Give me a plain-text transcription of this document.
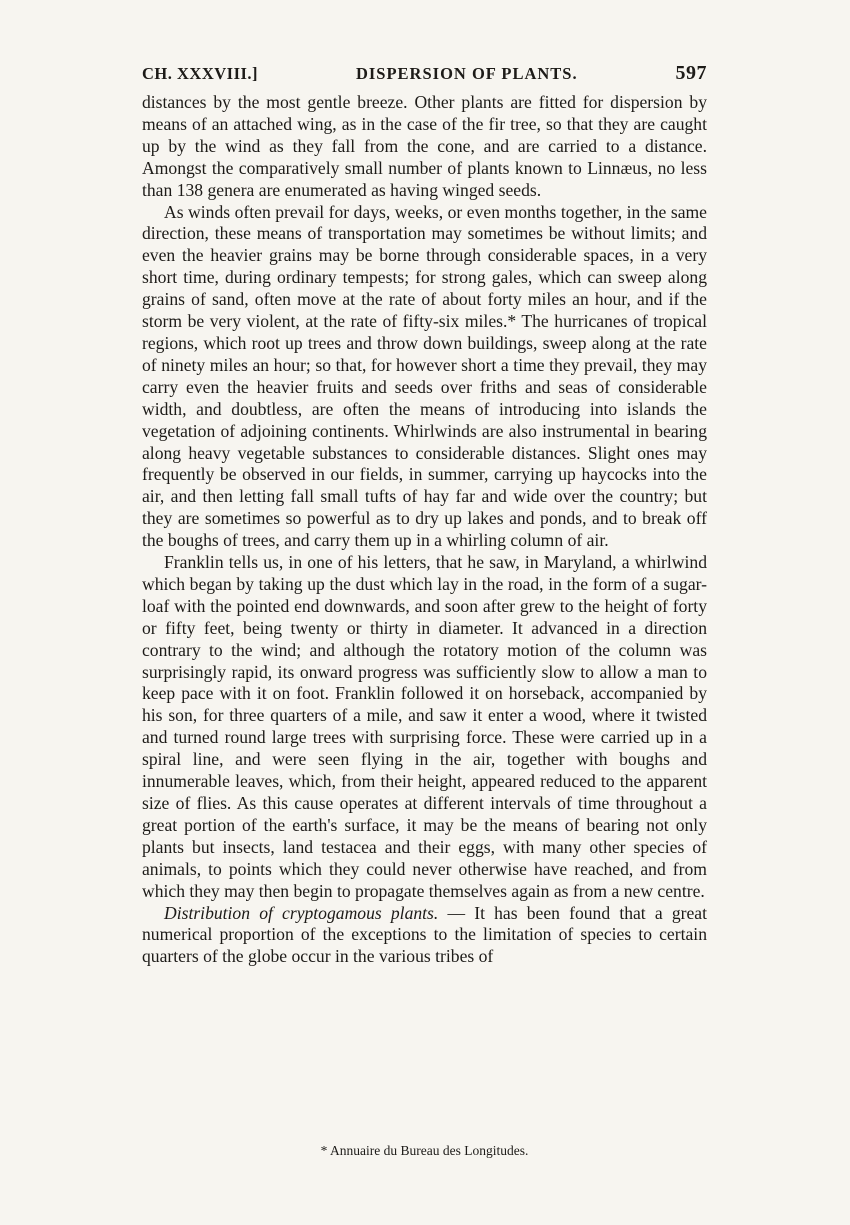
CH. XXXVIII.]	DISPERSION OF PLANTS.	597

distances by the most gentle breeze. Other plants are fitted for dispersion by means of an attached wing, as in the case of the fir tree, so that they are caught up by the wind as they fall from the cone, and are carried to a distance. Amongst the comparatively small number of plants known to Linnæus, no less than 138 genera are enumerated as having winged seeds.

As winds often prevail for days, weeks, or even months together, in the same direction, these means of transportation may sometimes be without limits; and even the heavier grains may be borne through considerable spaces, in a very short time, during ordinary tempests; for strong gales, which can sweep along grains of sand, often move at the rate of about forty miles an hour, and if the storm be very violent, at the rate of fifty-six miles.* The hurricanes of tropical regions, which root up trees and throw down buildings, sweep along at the rate of ninety miles an hour; so that, for however short a time they prevail, they may carry even the heavier fruits and seeds over friths and seas of considerable width, and doubtless, are often the means of introducing into islands the vegetation of adjoining continents. Whirlwinds are also instrumental in bearing along heavy vegetable substances to considerable distances. Slight ones may frequently be observed in our fields, in summer, carrying up haycocks into the air, and then letting fall small tufts of hay far and wide over the country; but they are sometimes so powerful as to dry up lakes and ponds, and to break off the boughs of trees, and carry them up in a whirling column of air.

Franklin tells us, in one of his letters, that he saw, in Maryland, a whirlwind which began by taking up the dust which lay in the road, in the form of a sugar-loaf with the pointed end downwards, and soon after grew to the height of forty or fifty feet, being twenty or thirty in diameter. It advanced in a direction contrary to the wind; and although the rotatory motion of the column was surprisingly rapid, its onward progress was sufficiently slow to allow a man to keep pace with it on foot. Franklin followed it on horseback, accompanied by his son, for three quarters of a mile, and saw it enter a wood, where it twisted and turned round large trees with surprising force. These were carried up in a spiral line, and were seen flying in the air, together with boughs and innumerable leaves, which, from their height, appeared reduced to the apparent size of flies. As this cause operates at different intervals of time throughout a great portion of the earth's surface, it may be the means of bearing not only plants but insects, land testacea and their eggs, with many other species of animals, to points which they could never otherwise have reached, and from which they may then begin to propagate themselves again as from a new centre.

Distribution of cryptogamous plants. — It has been found that a great numerical proportion of the exceptions to the limitation of species to certain quarters of the globe occur in the various tribes of

* Annuaire du Bureau des Longitudes.
